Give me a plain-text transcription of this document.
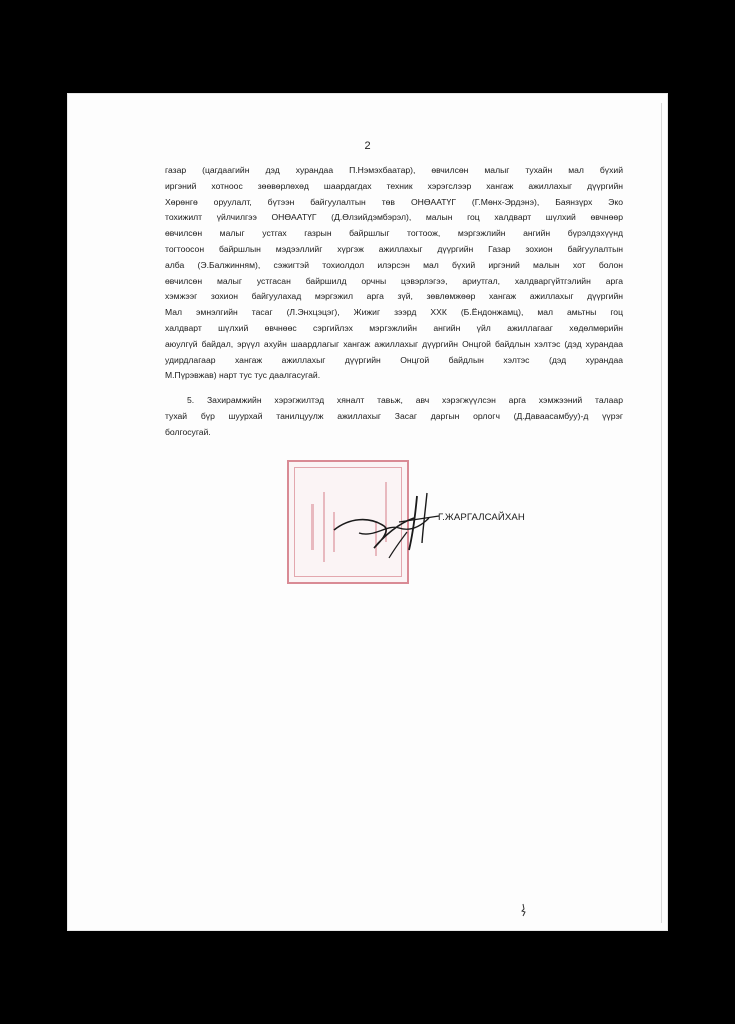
2
газар (цагдаагийн дэд хурандаа П.Нэмэхбаатар), өвчилсөн малыг тухайн мал бүхий
иргэний хотноос зөөвөрлөхөд шаардагдах техник хэрэгслээр хангаж ажиллахыг дүүргийн
Хөрөнгө оруулалт, бүтээн байгуулалтын төв ОНӨААТҮГ (Г.Мөнх-Эрдэнэ), Баянзүрх Эко
тохижилт үйлчилгээ ОНӨААТҮГ (Д.Өлзийдэмбэрэл), малын гоц халдварт шүлхий өвчнөөр
өвчилсөн малыг устгах газрын байршлыг тогтоож, мэргэжлийн ангийн бүрэлдэхүүнд
тогтоосон байршлын мэдээллийг хүргэж ажиллахыг дүүргийн Газар зохион байгуулалтын
алба (Э.Балжинням), сэжигтэй тохиолдол илэрсэн мал бүхий иргэний малын хот болон
өвчилсөн малыг устгасан байршилд орчны цэвэрлэгээ, ариутгал, халдваргүйтгэлийн арга
хэмжээг зохион байгуулахад мэргэжил арга зүй, зөвлөмжөөр хангаж ажиллахыг дүүргийн
Мал эмнэлгийн тасаг (Л.Энхцэцэг), Жижиг зээрд ХХК (Б.Ёндонжамц), мал амьтны гоц
халдварт шүлхий өвчнөөс сэргийлэх мэргэжлийн ангийн үйл ажиллагааг хөдөлмөрийн
аюулгүй байдал, эрүүл ахуйн шаардлагыг хангаж ажиллахыг дүүргийн Онцгой байдлын хэлтэс (дэд хурандаа
удирдлагаар хангаж ажиллахыг дүүргийн Онцгой байдлын хэлтэс (дэд хурандаа
М.Пүрэвжав) нарт тус тус даалгасугай.
5. Захирамжийн хэрэгжилтэд хяналт тавьж, авч хэрэгжүүлсэн арга хэмжээний талаар
тухай бүр шуурхай танилцуулж ажиллахыг Засаг даргын орлогч (Д.Даваасамбуу)-д үүрэг
болгосугай.
Г.ЖАРГАЛСАЙХАН
